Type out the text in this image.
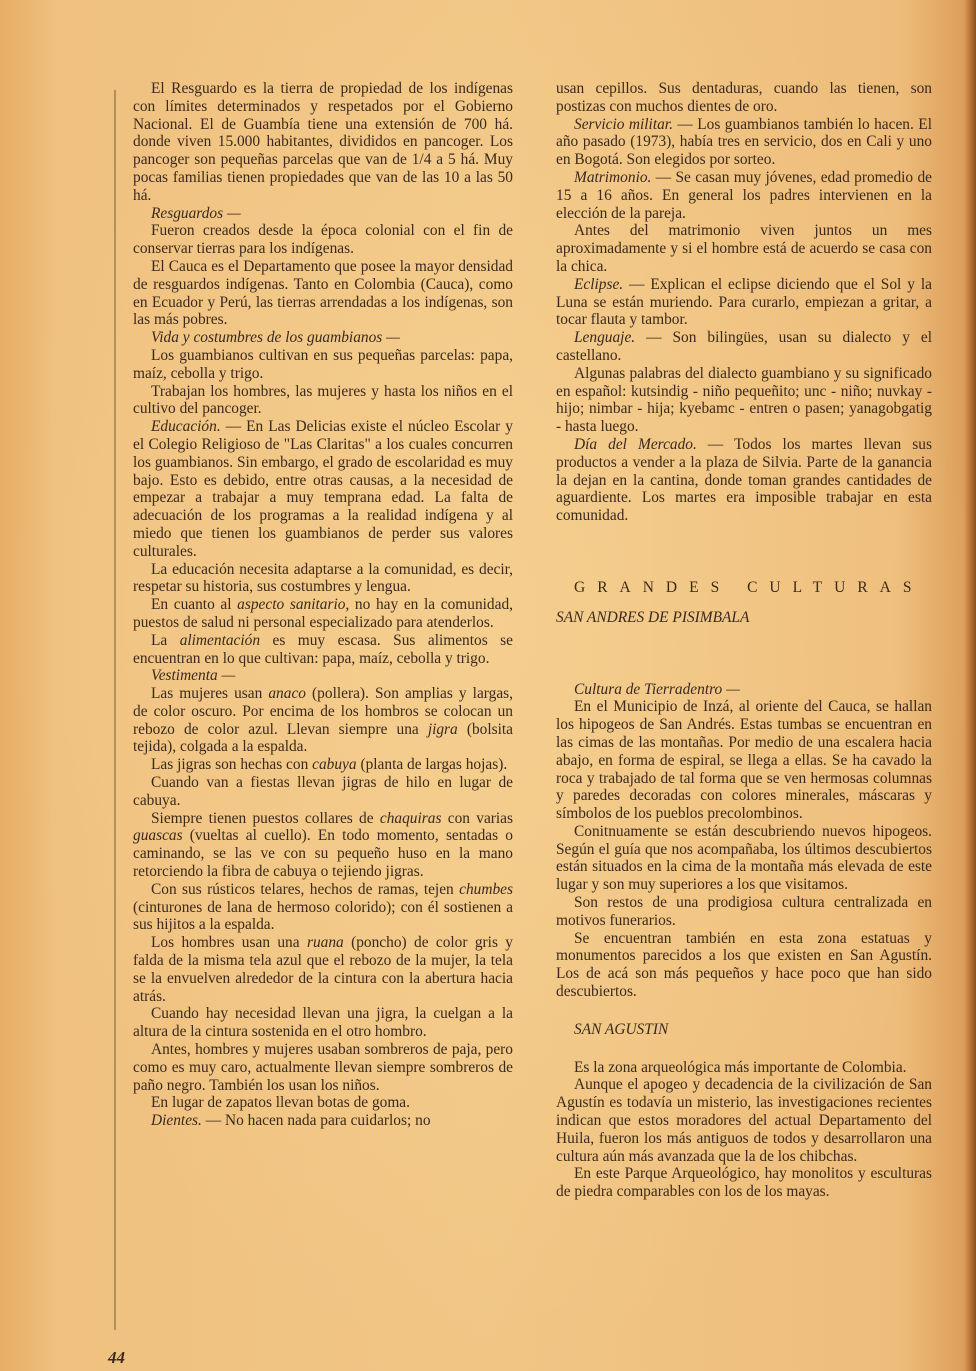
El Resguardo es la tierra de propiedad de los indígenas con límites determinados y respetados por el Gobierno Nacional. El de Guambía tiene una extensión de 700 há. donde viven 15.000 habitantes, divididos en pancoger. Los pancoger son pequeñas parcelas que van de 1/4 a 5 há. Muy pocas familias tienen propiedades que van de las 10 a las 50 há.

Resguardos —

Fueron creados desde la época colonial con el fin de conservar tierras para los indígenas.

El Cauca es el Departamento que posee la mayor densidad de resguardos indígenas. Tanto en Colombia (Cauca), como en Ecuador y Perú, las tierras arrendadas a los indígenas, son las más pobres.

Vida y costumbres de los guambianos —

Los guambianos cultivan en sus pequeñas parcelas: papa, maíz, cebolla y trigo.

Trabajan los hombres, las mujeres y hasta los niños en el cultivo del pancoger.

Educación. — En Las Delicias existe el núcleo Escolar y el Colegio Religioso de "Las Claritas" a los cuales concurren los guambianos. Sin embargo, el grado de escolaridad es muy bajo. Esto es debido, entre otras causas, a la necesidad de empezar a trabajar a muy temprana edad. La falta de adecuación de los programas a la realidad indígena y al miedo que tienen los guambianos de perder sus valores culturales.

La educación necesita adaptarse a la comunidad, es decir, respetar su historia, sus costumbres y lengua.

En cuanto al aspecto sanitario, no hay en la comunidad, puestos de salud ni personal especializado para atenderlos.

La alimentación es muy escasa. Sus alimentos se encuentran en lo que cultivan: papa, maíz, cebolla y trigo.

Vestimenta —

Las mujeres usan anaco (pollera). Son amplias y largas, de color oscuro. Por encima de los hombros se colocan un rebozo de color azul. Llevan siempre una jigra (bolsita tejida), colgada a la espalda.

Las jigras son hechas con cabuya (planta de largas hojas).

Cuando van a fiestas llevan jigras de hilo en lugar de cabuya.

Siempre tienen puestos collares de chaquiras con varias guascas (vueltas al cuello). En todo momento, sentadas o caminando, se las ve con su pequeño huso en la mano retorciendo la fibra de cabuya o tejiendo jigras.

Con sus rústicos telares, hechos de ramas, tejen chumbes (cinturones de lana de hermoso colorido); con él sostienen a sus hijitos a la espalda.

Los hombres usan una ruana (poncho) de color gris y falda de la misma tela azul que el rebozo de la mujer, la tela se la envuelven alrededor de la cintura con la abertura hacia atrás.

Cuando hay necesidad llevan una jigra, la cuelgan a la altura de la cintura sostenida en el otro hombro.

Antes, hombres y mujeres usaban sombreros de paja, pero como es muy caro, actualmente llevan siempre sombreros de paño negro. También los usan los niños.

En lugar de zapatos llevan botas de goma.

Dientes. — No hacen nada para cuidarlos; no

usan cepillos. Sus dentaduras, cuando las tienen, son postizas con muchos dientes de oro.

Servicio militar. — Los guambianos también lo hacen. El año pasado (1973), había tres en servicio, dos en Cali y uno en Bogotá. Son elegidos por sorteo.

Matrimonio. — Se casan muy jóvenes, edad promedio de 15 a 16 años. En general los padres intervienen en la elección de la pareja.

Antes del matrimonio viven juntos un mes aproximadamente y si el hombre está de acuerdo se casa con la chica.

Eclipse. — Explican el eclipse diciendo que el Sol y la Luna se están muriendo. Para curarlo, empiezan a gritar, a tocar flauta y tambor.

Lenguaje. — Son bilingües, usan su dialecto y el castellano.

Algunas palabras del dialecto guambiano y su significado en español: kutsindig - niño pequeñito; unc - niño; nuvkay - hijo; nimbar - hija; kyebamc - entren o pasen; yanagobgatig - hasta luego.

Día del Mercado. — Todos los martes llevan sus productos a vender a la plaza de Silvia. Parte de la ganancia la dejan en la cantina, donde toman grandes cantidades de aguardiente. Los martes era imposible trabajar en esta comunidad.

GRANDES CULTURAS

SAN ANDRES DE PISIMBALA

Cultura de Tierradentro —

En el Municipio de Inzá, al oriente del Cauca, se hallan los hipogeos de San Andrés. Estas tumbas se encuentran en las cimas de las montañas. Por medio de una escalera hacia abajo, en forma de espiral, se llega a ellas. Se ha cavado la roca y trabajado de tal forma que se ven hermosas columnas y paredes decoradas con colores minerales, máscaras y símbolos de los pueblos precolombinos.

Conitnuamente se están descubriendo nuevos hipogeos. Según el guía que nos acompañaba, los últimos descubiertos están situados en la cima de la montaña más elevada de este lugar y son muy superiores a los que visitamos.

Son restos de una prodigiosa cultura centralizada en motivos funerarios.

Se encuentran también en esta zona estatuas y monumentos parecidos a los que existen en San Agustín. Los de acá son más pequeños y hace poco que han sido descubiertos.

SAN AGUSTIN

Es la zona arqueológica más importante de Colombia.

Aunque el apogeo y decadencia de la civilización de San Agustín es todavía un misterio, las investigaciones recientes indican que estos moradores del actual Departamento del Huila, fueron los más antiguos de todos y desarrollaron una cultura aún más avanzada que la de los chibchas.

En este Parque Arqueológico, hay monolitos y esculturas de piedra comparables con los de los mayas.

44
